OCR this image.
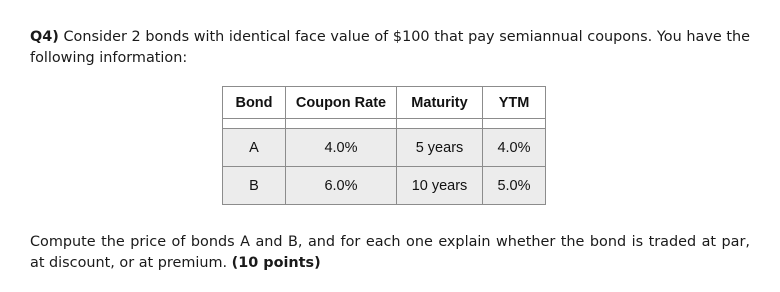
Q4) Consider 2 bonds with identical face value of $100 that pay semiannual coupons. You have the following information:
Bond	Coupon Rate	Maturity	YTM

A	4.0%	5 years	4.0%
B	6.0%	10 years	5.0%
Compute the price of bonds A and B, and for each one explain whether the bond is traded at par, at discount, or at premium. (10 points)
